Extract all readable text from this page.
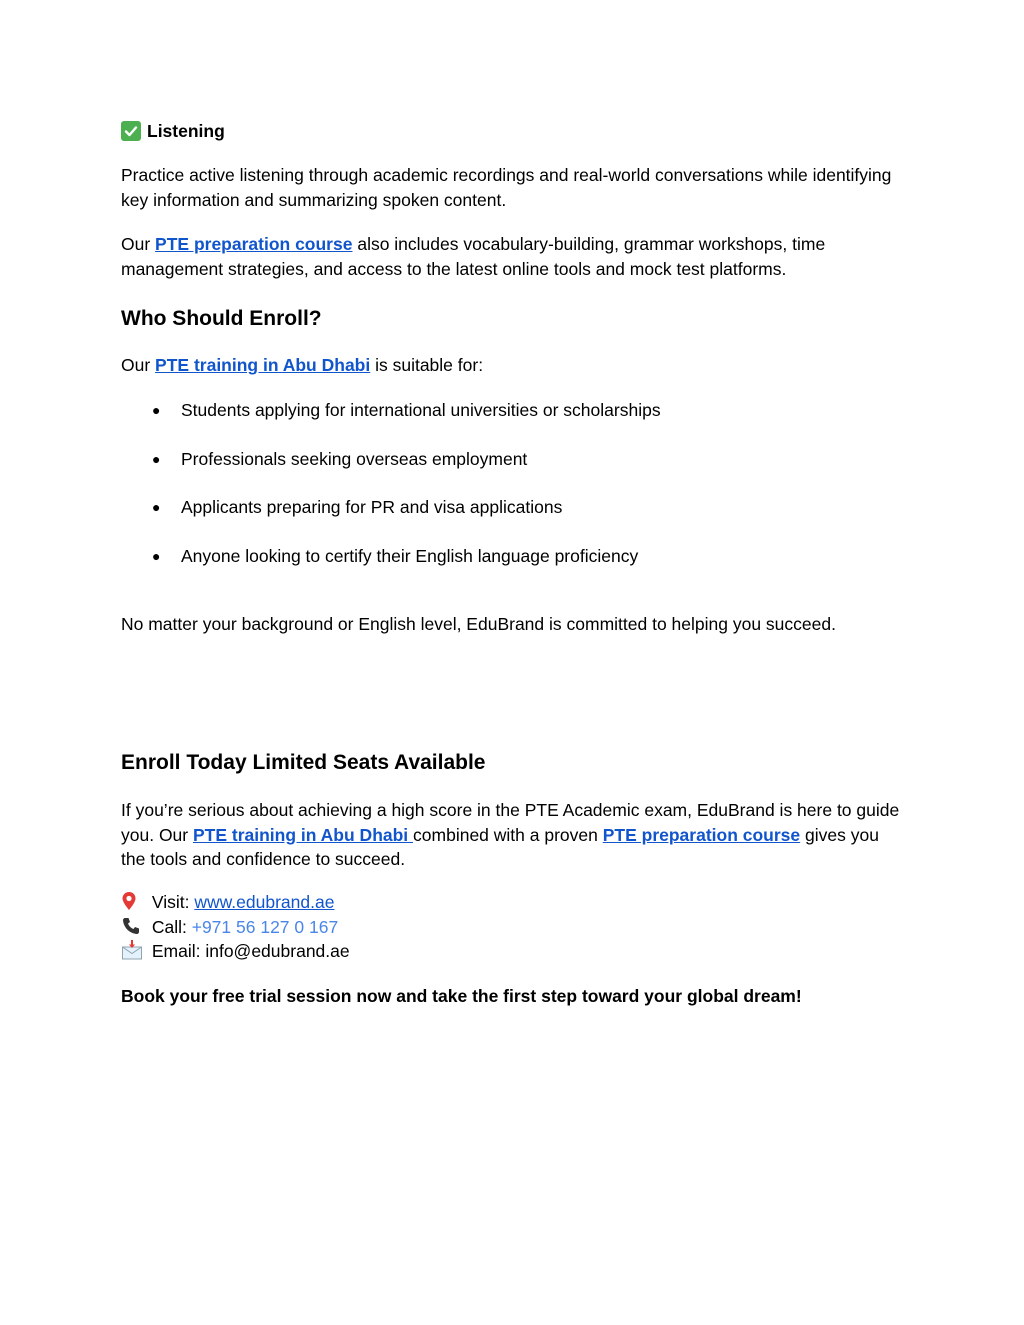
Listening
Practice active listening through academic recordings and real-world conversations while identifying key information and summarizing spoken content.
Our PTE preparation course also includes vocabulary-building, grammar workshops, time management strategies, and access to the latest online tools and mock test platforms.
Who Should Enroll?
Our PTE training in Abu Dhabi is suitable for:
● Students applying for international universities or scholarships
● Professionals seeking overseas employment
● Applicants preparing for PR and visa applications
● Anyone looking to certify their English language proficiency
No matter your background or English level, EduBrand is committed to helping you succeed.
Enroll Today Limited Seats Available
If you’re serious about achieving a high score in the PTE Academic exam, EduBrand is here to guide you. Our PTE training in Abu Dhabi combined with a proven PTE preparation course gives you the tools and confidence to succeed.
Visit: www.edubrand.ae
Call: +971 56 127 0 167
Email: info@edubrand.ae
Book your free trial session now and take the first step toward your global dream!
